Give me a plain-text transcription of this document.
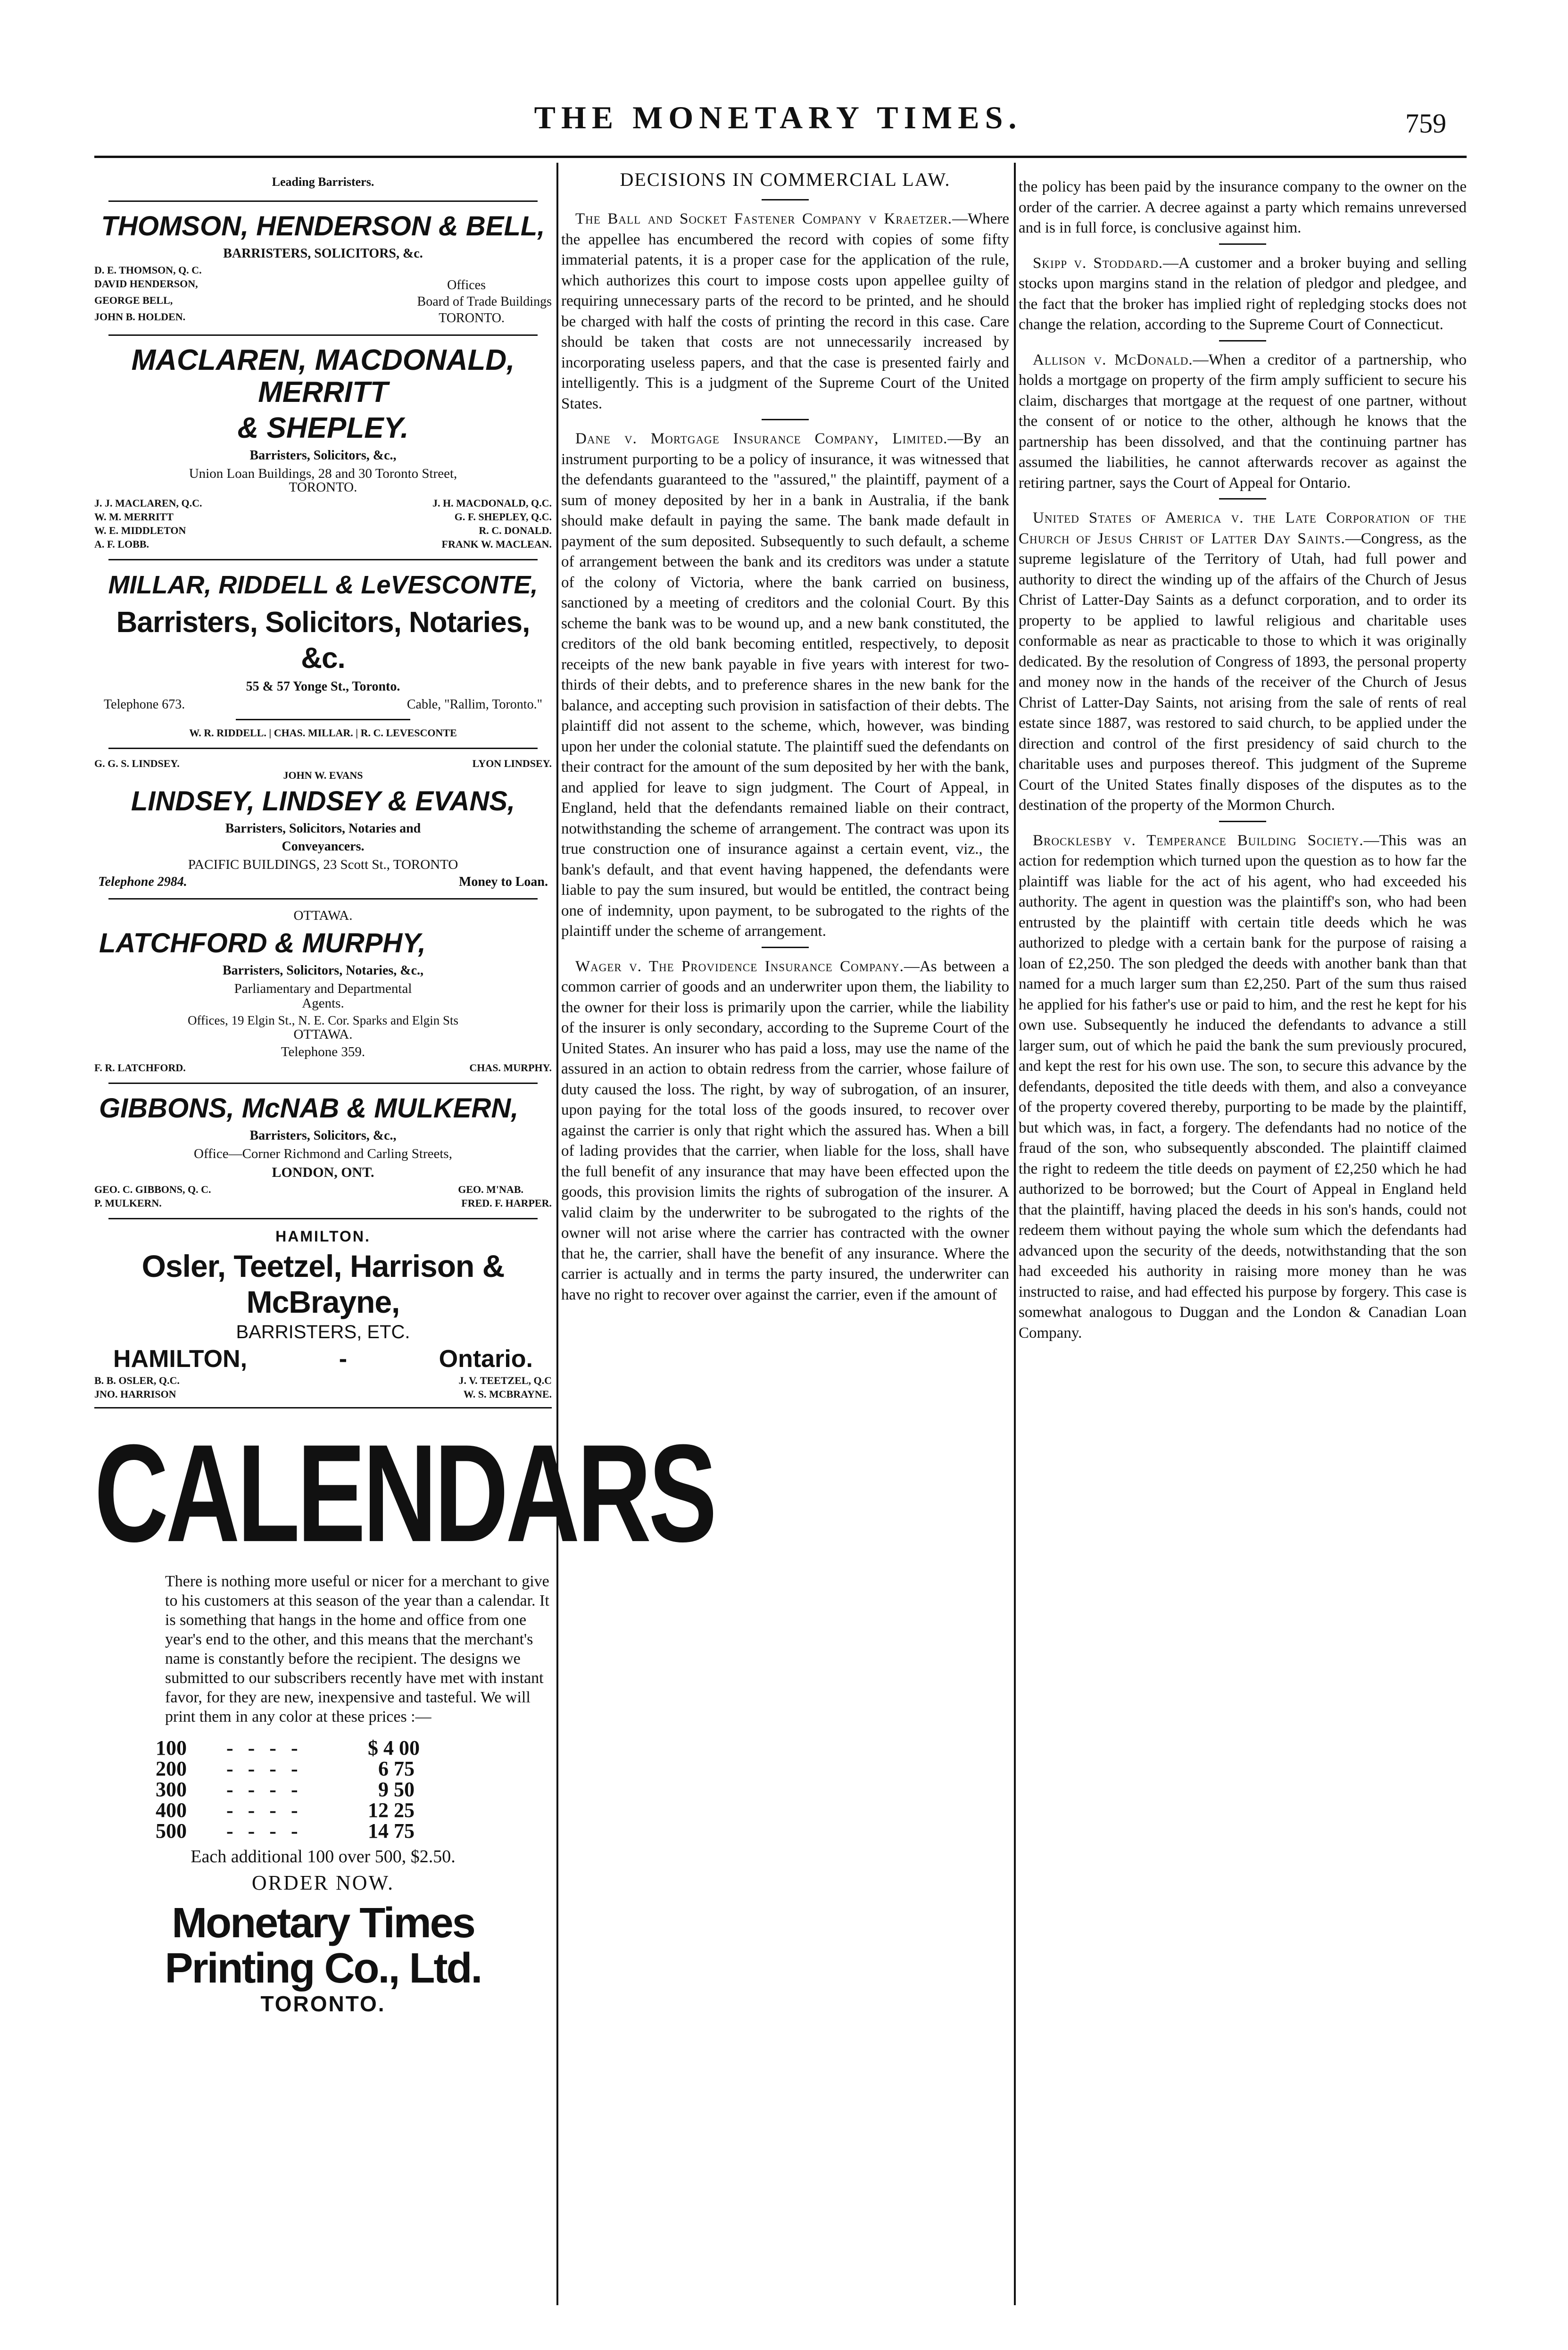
THE MONETARY TIMES.	759
Leading Barristers.
THOMSON, HENDERSON & BELL,
BARRISTERS, SOLICITORS, &c.
D. E. THOMSON, Q. C.
DAVID HENDERSON,	Offices
GEORGE BELL,	Board of Trade Buildings
JOHN B. HOLDEN.	TORONTO.
MACLAREN, MACDONALD, MERRITT
& SHEPLEY.
Barristers, Solicitors, &c.,
Union Loan Buildings, 28 and 30 Toronto Street,
TORONTO.
J. J. MACLAREN, Q.C.	J. H. MACDONALD, Q.C.
W. M. MERRITT	G. F. SHEPLEY, Q.C.
W. E. MIDDLETON	R. C. DONALD.
A. F. LOBB.	FRANK W. MACLEAN.
MILLAR, RIDDELL & LeVESCONTE,
Barristers, Solicitors, Notaries, &c.
55 & 57 Yonge St., Toronto.
Telephone 673.	Cable, "Rallim, Toronto."
W. R. RIDDELL. | CHAS. MILLAR. | R. C. LEVESCONTE
G. G. S. LINDSEY.	LYON LINDSEY.
JOHN W. EVANS
LINDSEY, LINDSEY & EVANS,
Barristers, Solicitors, Notaries and
Conveyancers.
PACIFIC BUILDINGS, 23 Scott St., TORONTO
Telephone 2984.	Money to Loan.
OTTAWA.
LATCHFORD & MURPHY,
Barristers, Solicitors, Notaries, &c.,
Parliamentary and Departmental
Agents.
Offices, 19 Elgin St., N. E. Cor. Sparks and Elgin Sts
OTTAWA.
Telephone 359.
F. R. LATCHFORD.	CHAS. MURPHY.
GIBBONS, McNAB & MULKERN,
Barristers, Solicitors, &c.,
Office—Corner Richmond and Carling Streets,
LONDON, ONT.
GEO. C. GIBBONS, Q. C.	GEO. M'NAB.
P. MULKERN.	FRED. F. HARPER.
HAMILTON.
Osler, Teetzel, Harrison & McBrayne,
BARRISTERS, ETC.
HAMILTON,	-	Ontario.
B. B. OSLER, Q.C.	J. V. TEETZEL, Q.C
JNO. HARRISON	W. S. MCBRAYNE.
CALENDARS
There is nothing more useful or nicer for a merchant to give to his customers at this season of the year than a calendar. It is something that hangs in the home and office from one year's end to the other, and this means that the merchant's name is constantly before the recipient. The designs we submitted to our subscribers recently have met with instant favor, for they are new, inexpensive and tasteful. We will print them in any color at these prices :—
100	- - - -	$ 4 00
200	- - - -	6 75
300	- - - -	9 50
400	- - - -	12 25
500	- - - -	14 75
Each additional 100 over 500, $2.50.
ORDER NOW.
Monetary Times Printing Co., Ltd.
TORONTO.
DECISIONS IN COMMERCIAL LAW.

The Ball and Socket Fastener Company v Kraetzer.—Where the appellee has encumbered the record with copies of some fifty immaterial patents, it is a proper case for the application of the rule, which authorizes this court to impose costs upon appellee guilty of requiring unnecessary parts of the record to be printed, and he should be charged with half the costs of printing the record in this case. Care should be taken that costs are not unnecessarily increased by incorporating useless papers, and that the case is presented fairly and intelligently. This is a judgment of the Supreme Court of the United States.

Dane v. Mortgage Insurance Company, Limited.—By an instrument purporting to be a policy of insurance, it was witnessed that the defendants guaranteed to the "assured," the plaintiff, payment of a sum of money deposited by her in a bank in Australia, if the bank should make default in paying the same. The bank made default in payment of the sum deposited. Subsequently to such default, a scheme of arrangement between the bank and its creditors was under a statute of the colony of Victoria, where the bank carried on business, sanctioned by a meeting of creditors and the colonial Court. By this scheme the bank was to be wound up, and a new bank constituted, the creditors of the old bank becoming entitled, respectively, to deposit receipts of the new bank payable in five years with interest for two-thirds of their debts, and to preference shares in the new bank for the balance, and accepting such provision in satisfaction of their debts. The plaintiff did not assent to the scheme, which, however, was binding upon her under the colonial statute. The plaintiff sued the defendants on their contract for the amount of the sum deposited by her with the bank, and applied for leave to sign judgment. The Court of Appeal, in England, held that the defendants remained liable on their contract, notwithstanding the scheme of arrangement. The contract was upon its true construction one of insurance against a certain event, viz., the bank's default, and that event having happened, the defendants were liable to pay the sum insured, but would be entitled, the contract being one of indemnity, upon payment, to be subrogated to the rights of the plaintiff under the scheme of arrangement.

Wager v. The Providence Insurance Company.—As between a common carrier of goods and an underwriter upon them, the liability to the owner for their loss is primarily upon the carrier, while the liability of the insurer is only secondary, according to the Supreme Court of the United States. An insurer who has paid a loss, may use the name of the assured in an action to obtain redress from the carrier, whose failure of duty caused the loss. The right, by way of subrogation, of an insurer, upon paying for the total loss of the goods insured, to recover over against the carrier is only that right which the assured has. When a bill of lading provides that the carrier, when liable for the loss, shall have the full benefit of any insurance that may have been effected upon the goods, this provision limits the rights of subrogation of the insurer. A valid claim by the underwriter to be subrogated to the rights of the owner will not arise where the carrier has contracted with the owner that he, the carrier, shall have the benefit of any insurance. Where the carrier is actually and in terms the party insured, the underwriter can have no right to recover over against the carrier, even if the amount of

the policy has been paid by the insurance company to the owner on the order of the carrier. A decree against a party which remains unreversed and is in full force, is conclusive against him.

Skipp v. Stoddard.—A customer and a broker buying and selling stocks upon margins stand in the relation of pledgor and pledgee, and the fact that the broker has implied right of repledging stocks does not change the relation, according to the Supreme Court of Connecticut.

Allison v. McDonald.—When a creditor of a partnership, who holds a mortgage on property of the firm amply sufficient to secure his claim, discharges that mortgage at the request of one partner, without the consent of or notice to the other, although he knows that the partnership has been dissolved, and that the continuing partner has assumed the liabilities, he cannot afterwards recover as against the retiring partner, says the Court of Appeal for Ontario.

United States of America v. the Late Corporation of the Church of Jesus Christ of Latter Day Saints.—Congress, as the supreme legislature of the Territory of Utah, had full power and authority to direct the winding up of the affairs of the Church of Jesus Christ of Latter-Day Saints as a defunct corporation, and to order its property to be applied to lawful religious and charitable uses conformable as near as practicable to those to which it was originally dedicated. By the resolution of Congress of 1893, the personal property and money now in the hands of the receiver of the Church of Jesus Christ of Latter-Day Saints, not arising from the sale of rents of real estate since 1887, was restored to said church, to be applied under the direction and control of the first presidency of said church to the charitable uses and purposes thereof. This judgment of the Supreme Court of the United States finally disposes of the disputes as to the destination of the property of the Mormon Church.

Brocklesby v. Temperance Building Society.—This was an action for redemption which turned upon the question as to how far the plaintiff was liable for the act of his agent, who had exceeded his authority. The agent in question was the plaintiff's son, who had been entrusted by the plaintiff with certain title deeds which he was authorized to pledge with a certain bank for the purpose of raising a loan of £2,250. The son pledged the deeds with another bank than that named for a much larger sum than £2,250. Part of the sum thus raised he applied for his father's use or paid to him, and the rest he kept for his own use. Subsequently he induced the defendants to advance a still larger sum, out of which he paid the bank the sum previously procured, and kept the rest for his own use. The son, to secure this advance by the defendants, deposited the title deeds with them, and also a conveyance of the property covered thereby, purporting to be made by the plaintiff, but which was, in fact, a forgery. The defendants had no notice of the fraud of the son, who subsequently absconded. The plaintiff claimed the right to redeem the title deeds on payment of £2,250 which he had authorized to be borrowed; but the Court of Appeal in England held that the plaintiff, having placed the deeds in his son's hands, could not redeem them without paying the whole sum which the defendants had advanced upon the security of the deeds, notwithstanding that the son had exceeded his authority in raising more money than he was instructed to raise, and had effected his purpose by forgery. This case is somewhat analogous to Duggan and the London & Canadian Loan Company.
